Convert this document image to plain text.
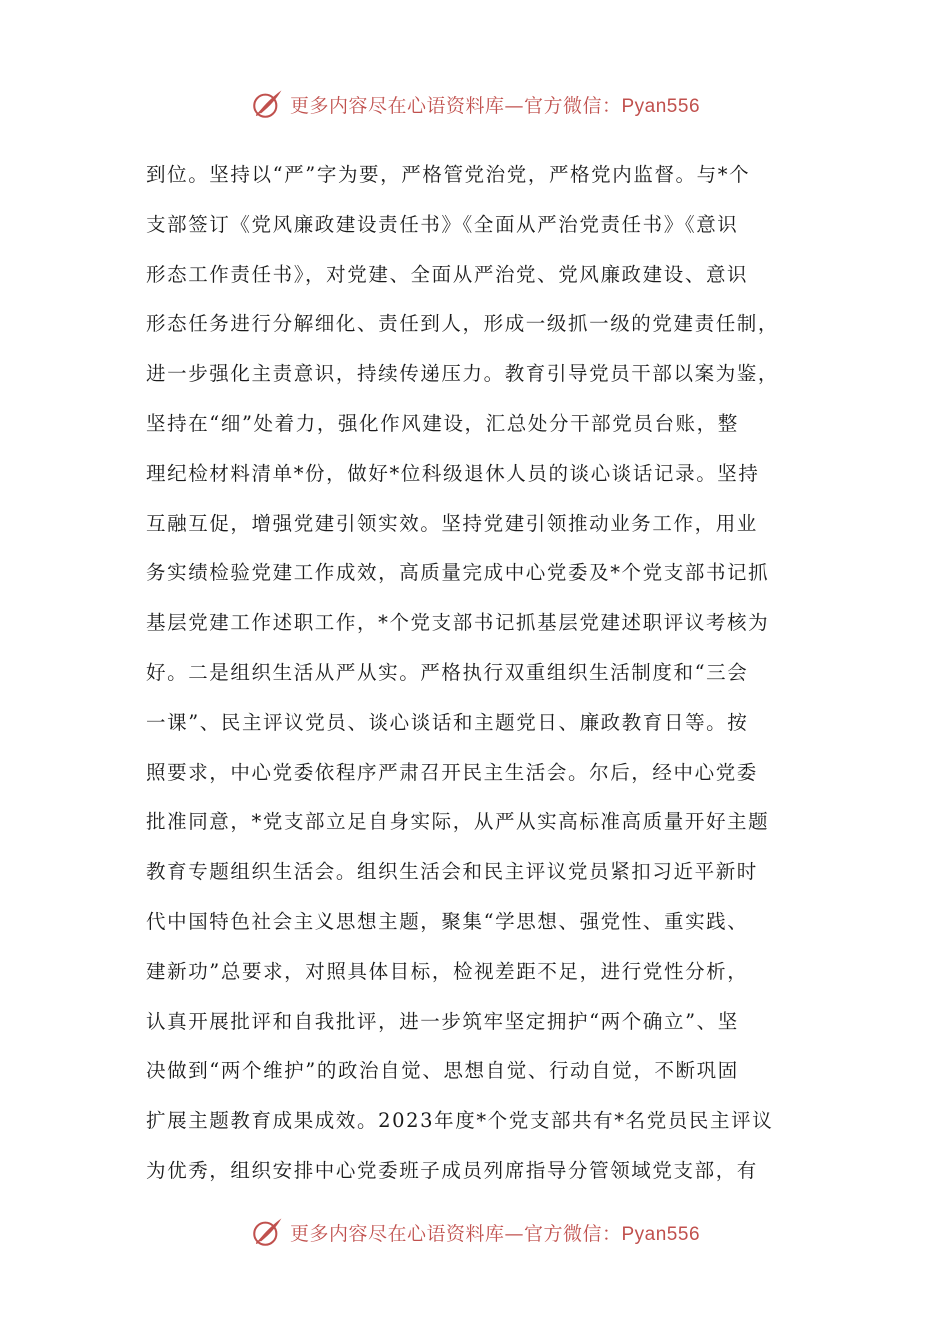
更多内容尽在心语资料库—官方微信：Pyan556
到位。坚持以“严”字为要，严格管党治党，严格党内监督。与*个
支部签订《党风廉政建设责任书》《全面从严治党责任书》《意识
形态工作责任书》，对党建、全面从严治党、党风廉政建设、意识
形态任务进行分解细化、责任到人，形成一级抓一级的党建责任制，
进一步强化主责意识，持续传递压力。教育引导党员干部以案为鉴，
坚持在“细”处着力，强化作风建设，汇总处分干部党员台账，整
理纪检材料清单*份，做好*位科级退休人员的谈心谈话记录。坚持
互融互促，增强党建引领实效。坚持党建引领推动业务工作，用业
务实绩检验党建工作成效，高质量完成中心党委及*个党支部书记抓
基层党建工作述职工作，*个党支部书记抓基层党建述职评议考核为
好。二是组织生活从严从实。严格执行双重组织生活制度和“三会
一课”、民主评议党员、谈心谈话和主题党日、廉政教育日等。按
照要求，中心党委依程序严肃召开民主生活会。尔后，经中心党委
批准同意，*党支部立足自身实际，从严从实高标准高质量开好主题
教育专题组织生活会。组织生活会和民主评议党员紧扣习近平新时
代中国特色社会主义思想主题，聚集“学思想、强党性、重实践、
建新功”总要求，对照具体目标，检视差距不足，进行党性分析，
认真开展批评和自我批评，进一步筑牢坚定拥护“两个确立”、坚
决做到“两个维护”的政治自觉、思想自觉、行动自觉，不断巩固
扩展主题教育成果成效。2023年度*个党支部共有*名党员民主评议
为优秀，组织安排中心党委班子成员列席指导分管领域党支部，有
更多内容尽在心语资料库—官方微信：Pyan556
